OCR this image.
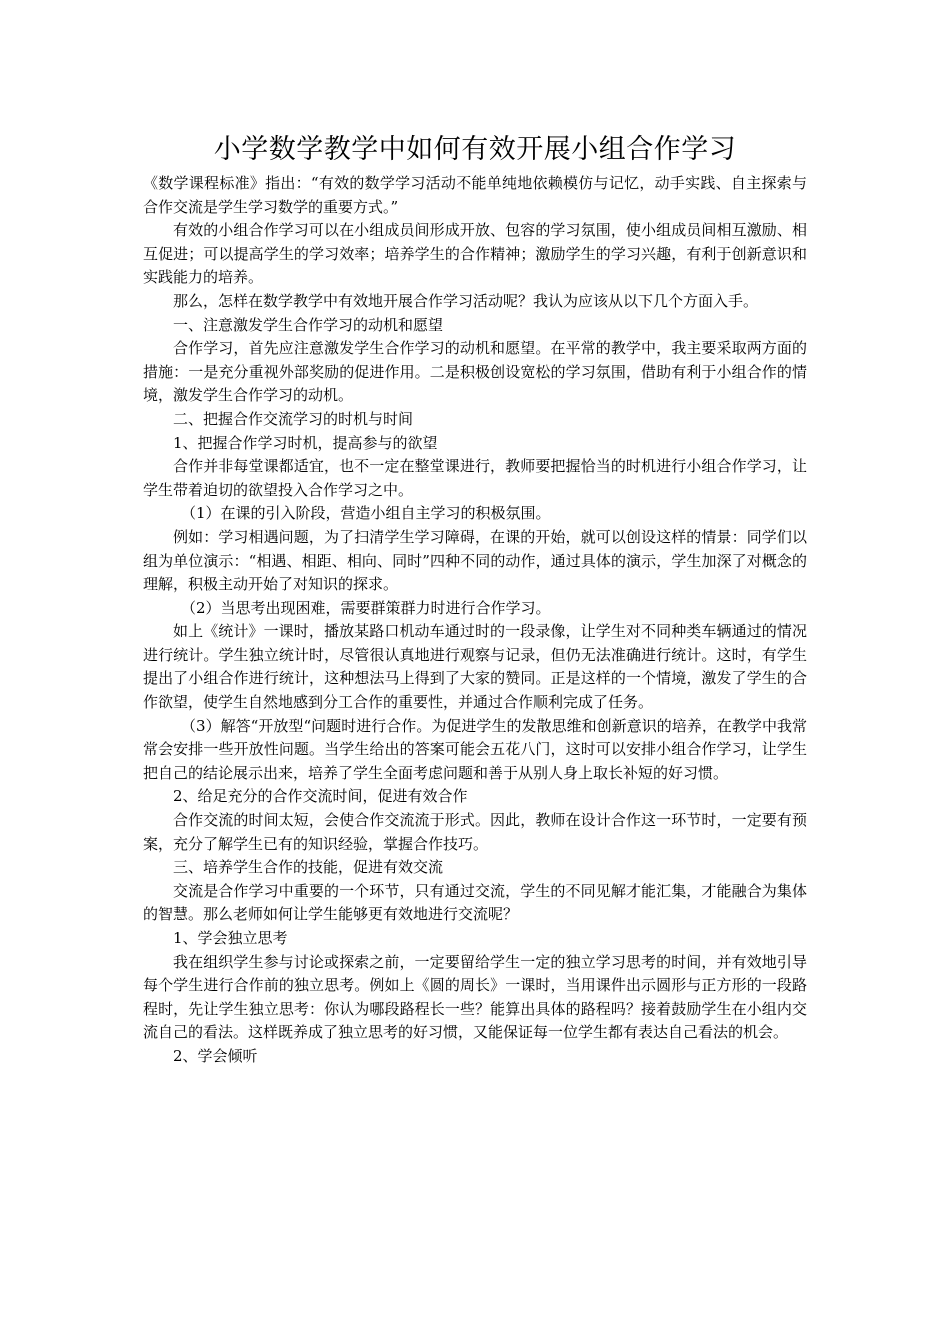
小学数学教学中如何有效开展小组合作学习

《数学课程标准》指出：“有效的数学学习活动不能单纯地依赖模仿与记忆，动手实践、自主探索与合作交流是学生学习数学的重要方式。”

有效的小组合作学习可以在小组成员间形成开放、包容的学习氛围，使小组成员间相互激励、相互促进；可以提高学生的学习效率；培养学生的合作精神；激励学生的学习兴趣，有利于创新意识和实践能力的培养。

那么，怎样在数学教学中有效地开展合作学习活动呢？我认为应该从以下几个方面入手。

一、注意激发学生合作学习的动机和愿望

合作学习，首先应注意激发学生合作学习的动机和愿望。在平常的教学中，我主要采取两方面的措施：一是充分重视外部奖励的促进作用。二是积极创设宽松的学习氛围，借助有利于小组合作的情境，激发学生合作学习的动机。

二、把握合作交流学习的时机与时间

1、把握合作学习时机，提高参与的欲望

合作并非每堂课都适宜，也不一定在整堂课进行，教师要把握恰当的时机进行小组合作学习，让学生带着迫切的欲望投入合作学习之中。

（1）在课的引入阶段，营造小组自主学习的积极氛围。

例如：学习相遇问题，为了扫清学生学习障碍，在课的开始，就可以创设这样的情景：同学们以组为单位演示：“相遇、相距、相向、同时”四种不同的动作，通过具体的演示，学生加深了对概念的理解，积极主动开始了对知识的探求。

（2）当思考出现困难，需要群策群力时进行合作学习。

如上《统计》一课时，播放某路口机动车通过时的一段录像，让学生对不同种类车辆通过的情况进行统计。学生独立统计时，尽管很认真地进行观察与记录，但仍无法准确进行统计。这时，有学生提出了小组合作进行统计，这种想法马上得到了大家的赞同。正是这样的一个情境，激发了学生的合作欲望，使学生自然地感到分工合作的重要性，并通过合作顺利完成了任务。

（3）解答“开放型“问题时进行合作。为促进学生的发散思维和创新意识的培养，在教学中我常常会安排一些开放性问题。当学生给出的答案可能会五花八门，这时可以安排小组合作学习，让学生把自己的结论展示出来，培养了学生全面考虑问题和善于从别人身上取长补短的好习惯。

2、给足充分的合作交流时间，促进有效合作

合作交流的时间太短，会使合作交流流于形式。因此，教师在设计合作这一环节时，一定要有预案，充分了解学生已有的知识经验，掌握合作技巧。

三、培养学生合作的技能，促进有效交流

交流是合作学习中重要的一个环节，只有通过交流，学生的不同见解才能汇集，才能融合为集体的智慧。那么老师如何让学生能够更有效地进行交流呢？

1、学会独立思考

我在组织学生参与讨论或探索之前，一定要留给学生一定的独立学习思考的时间，并有效地引导每个学生进行合作前的独立思考。例如上《圆的周长》一课时，当用课件出示圆形与正方形的一段路程时，先让学生独立思考：你认为哪段路程长一些？能算出具体的路程吗？接着鼓励学生在小组内交流自己的看法。这样既养成了独立思考的好习惯，又能保证每一位学生都有表达自己看法的机会。

2、学会倾听
